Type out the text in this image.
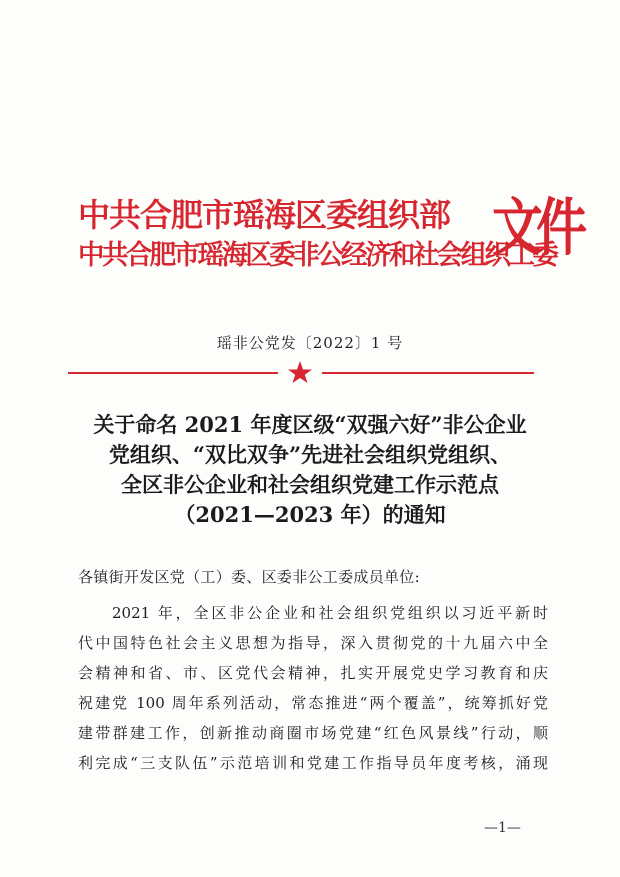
中共合肥市瑶海区委组织部
中共合肥市瑶海区委非公经济和社会组织工委
文件
瑶非公党发〔2022〕1 号
关于命名 2021 年度区级“双强六好”非公企业
党组织、“双比双争”先进社会组织党组织、
全区非公企业和社会组织党建工作示范点
（2021—2023 年）的通知
各镇街开发区党（工）委、区委非公工委成员单位:
2021 年，全区非公企业和社会组织党组织以习近平新时
代中国特色社会主义思想为指导，深入贯彻党的十九届六中全
会精神和省、市、区党代会精神，扎实开展党史学习教育和庆
祝建党 100 周年系列活动，常态推进“两个覆盖”，统筹抓好党
建带群建工作，创新推动商圈市场党建“红色风景线”行动，顺
利完成“三支队伍”示范培训和党建工作指导员年度考核，涌现
—1—
